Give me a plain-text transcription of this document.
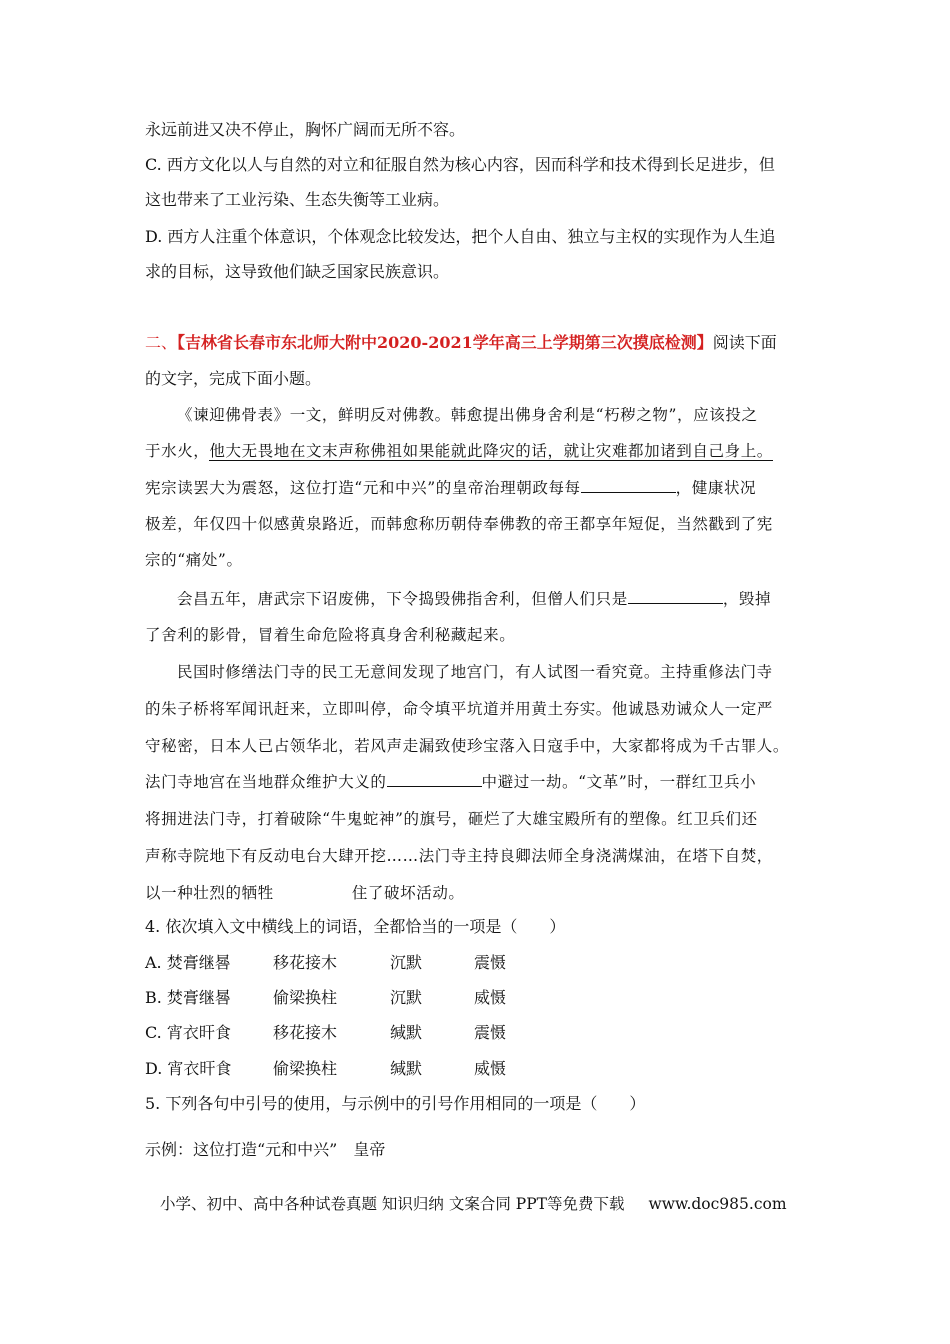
永远前进又决不停止，胸怀广阔而无所不容。
C. 西方文化以人与自然的对立和征服自然为核心内容，因而科学和技术得到长足进步，但
这也带来了工业污染、生态失衡等工业病。
D. 西方人注重个体意识，个体观念比较发达，把个人自由、独立与主权的实现作为人生追
求的目标，这导致他们缺乏国家民族意识。
二、【吉林省长春市东北师大附中2020-2021学年高三上学期第三次摸底检测】阅读下面
的文字，完成下面小题。
《谏迎佛骨表》一文，鲜明反对佛教。韩愈提出佛身舍利是“朽秽之物”，应该投之
于水火，他大无畏地在文末声称佛祖如果能就此降灾的话，就让灾难都加诸到自己身上。
宪宗读罢大为震怒，这位打造“元和中兴”的皇帝治理朝政每每	，健康状况
极差，年仅四十似感黄泉路近，而韩愈称历朝侍奉佛教的帝王都享年短促，当然戳到了宪
宗的“痛处”。
会昌五年，唐武宗下诏废佛，下令捣毁佛指舍利，但僧人们只是	，毁掉
了舍利的影骨，冒着生命危险将真身舍利秘藏起来。
民国时修缮法门寺的民工无意间发现了地宫门，有人试图一看究竟。主持重修法门寺
的朱子桥将军闻讯赶来，立即叫停，命令填平坑道并用黄土夯实。他诚恳劝诫众人一定严
守秘密，日本人已占领华北，若风声走漏致使珍宝落入日寇手中，大家都将成为千古罪人。
法门寺地宫在当地群众维护大义的	中避过一劫。“文革”时，一群红卫兵小
将拥进法门寺，打着破除“牛鬼蛇神”的旗号，砸烂了大雄宝殿所有的塑像。红卫兵们还
声称寺院地下有反动电台大肆开挖……法门寺主持良卿法师全身浇满煤油，在塔下自焚，
以一种壮烈的牺牲	住了破坏活动。
4. 依次填入文中横线上的词语，全都恰当的一项是（　　）
A. 焚膏继晷	移花接木	沉默	震慑
B. 焚膏继晷	偷梁换柱	沉默	威慑
C. 宵衣旰食	移花接木	缄默	震慑
D. 宵衣旰食	偷梁换柱	缄默	威慑
5. 下列各句中引号的使用，与示例中的引号作用相同的一项是（　　）
示例：这位打造“元和中兴”　皇帝
小学、初中、高中各种试卷真题 知识归纳 文案合同 PPT等免费下载 www.doc985.com
